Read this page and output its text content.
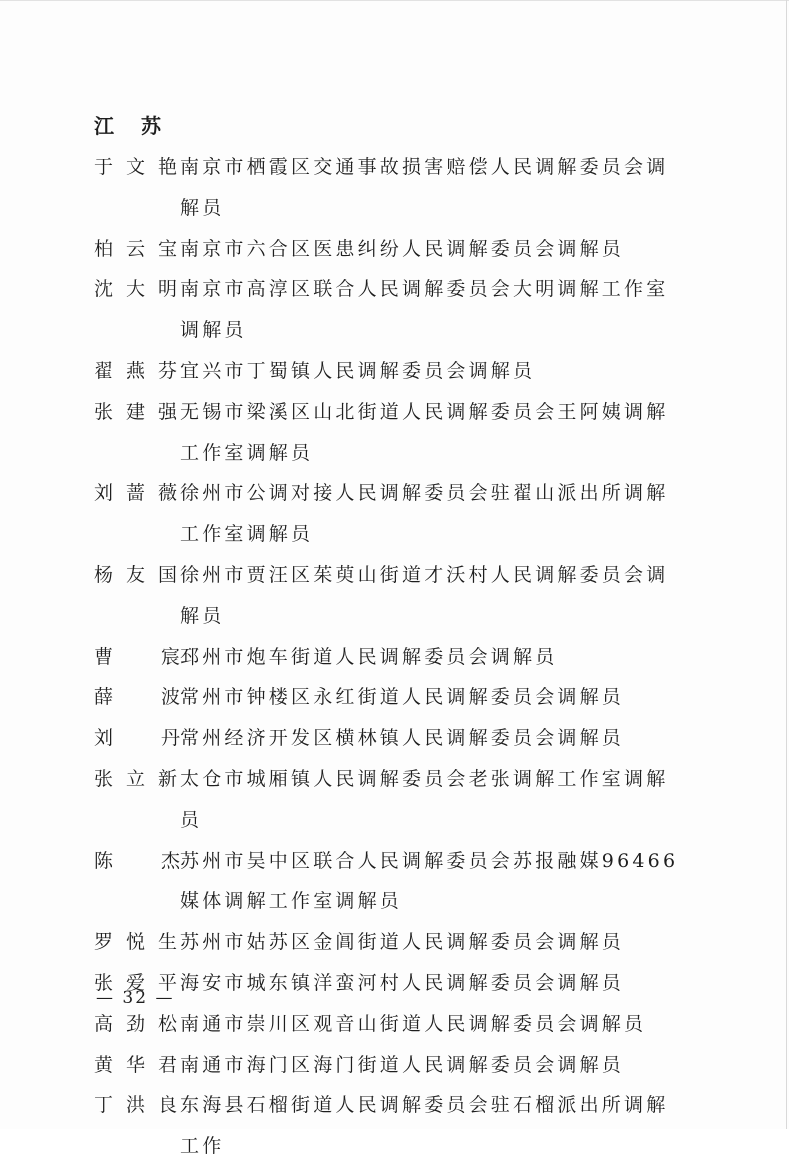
江 苏
于文艳 南京市栖霞区交通事故损害赔偿人民调解委员会调解员
柏云宝 南京市六合区医患纠纷人民调解委员会调解员
沈大明 南京市高淳区联合人民调解委员会大明调解工作室调解员
翟燕芬 宜兴市丁蜀镇人民调解委员会调解员
张建强 无锡市梁溪区山北街道人民调解委员会王阿姨调解工作室调解员
刘蔷薇 徐州市公调对接人民调解委员会驻翟山派出所调解工作室调解员
杨友国 徐州市贾汪区茱萸山街道才沃村人民调解委员会调解员
曹 宸 邳州市炮车街道人民调解委员会调解员
薛 波 常州市钟楼区永红街道人民调解委员会调解员
刘 丹 常州经济开发区横林镇人民调解委员会调解员
张立新 太仓市城厢镇人民调解委员会老张调解工作室调解员
陈 杰 苏州市吴中区联合人民调解委员会苏报融媒96466媒体调解工作室调解员
罗悦生 苏州市姑苏区金阊街道人民调解委员会调解员
张爱平 海安市城东镇洋蛮河村人民调解委员会调解员
高劲松 南通市崇川区观音山街道人民调解委员会调解员
黄华君 南通市海门区海门街道人民调解委员会调解员
丁洪良 东海县石榴街道人民调解委员会驻石榴派出所调解工作
— 32 —
